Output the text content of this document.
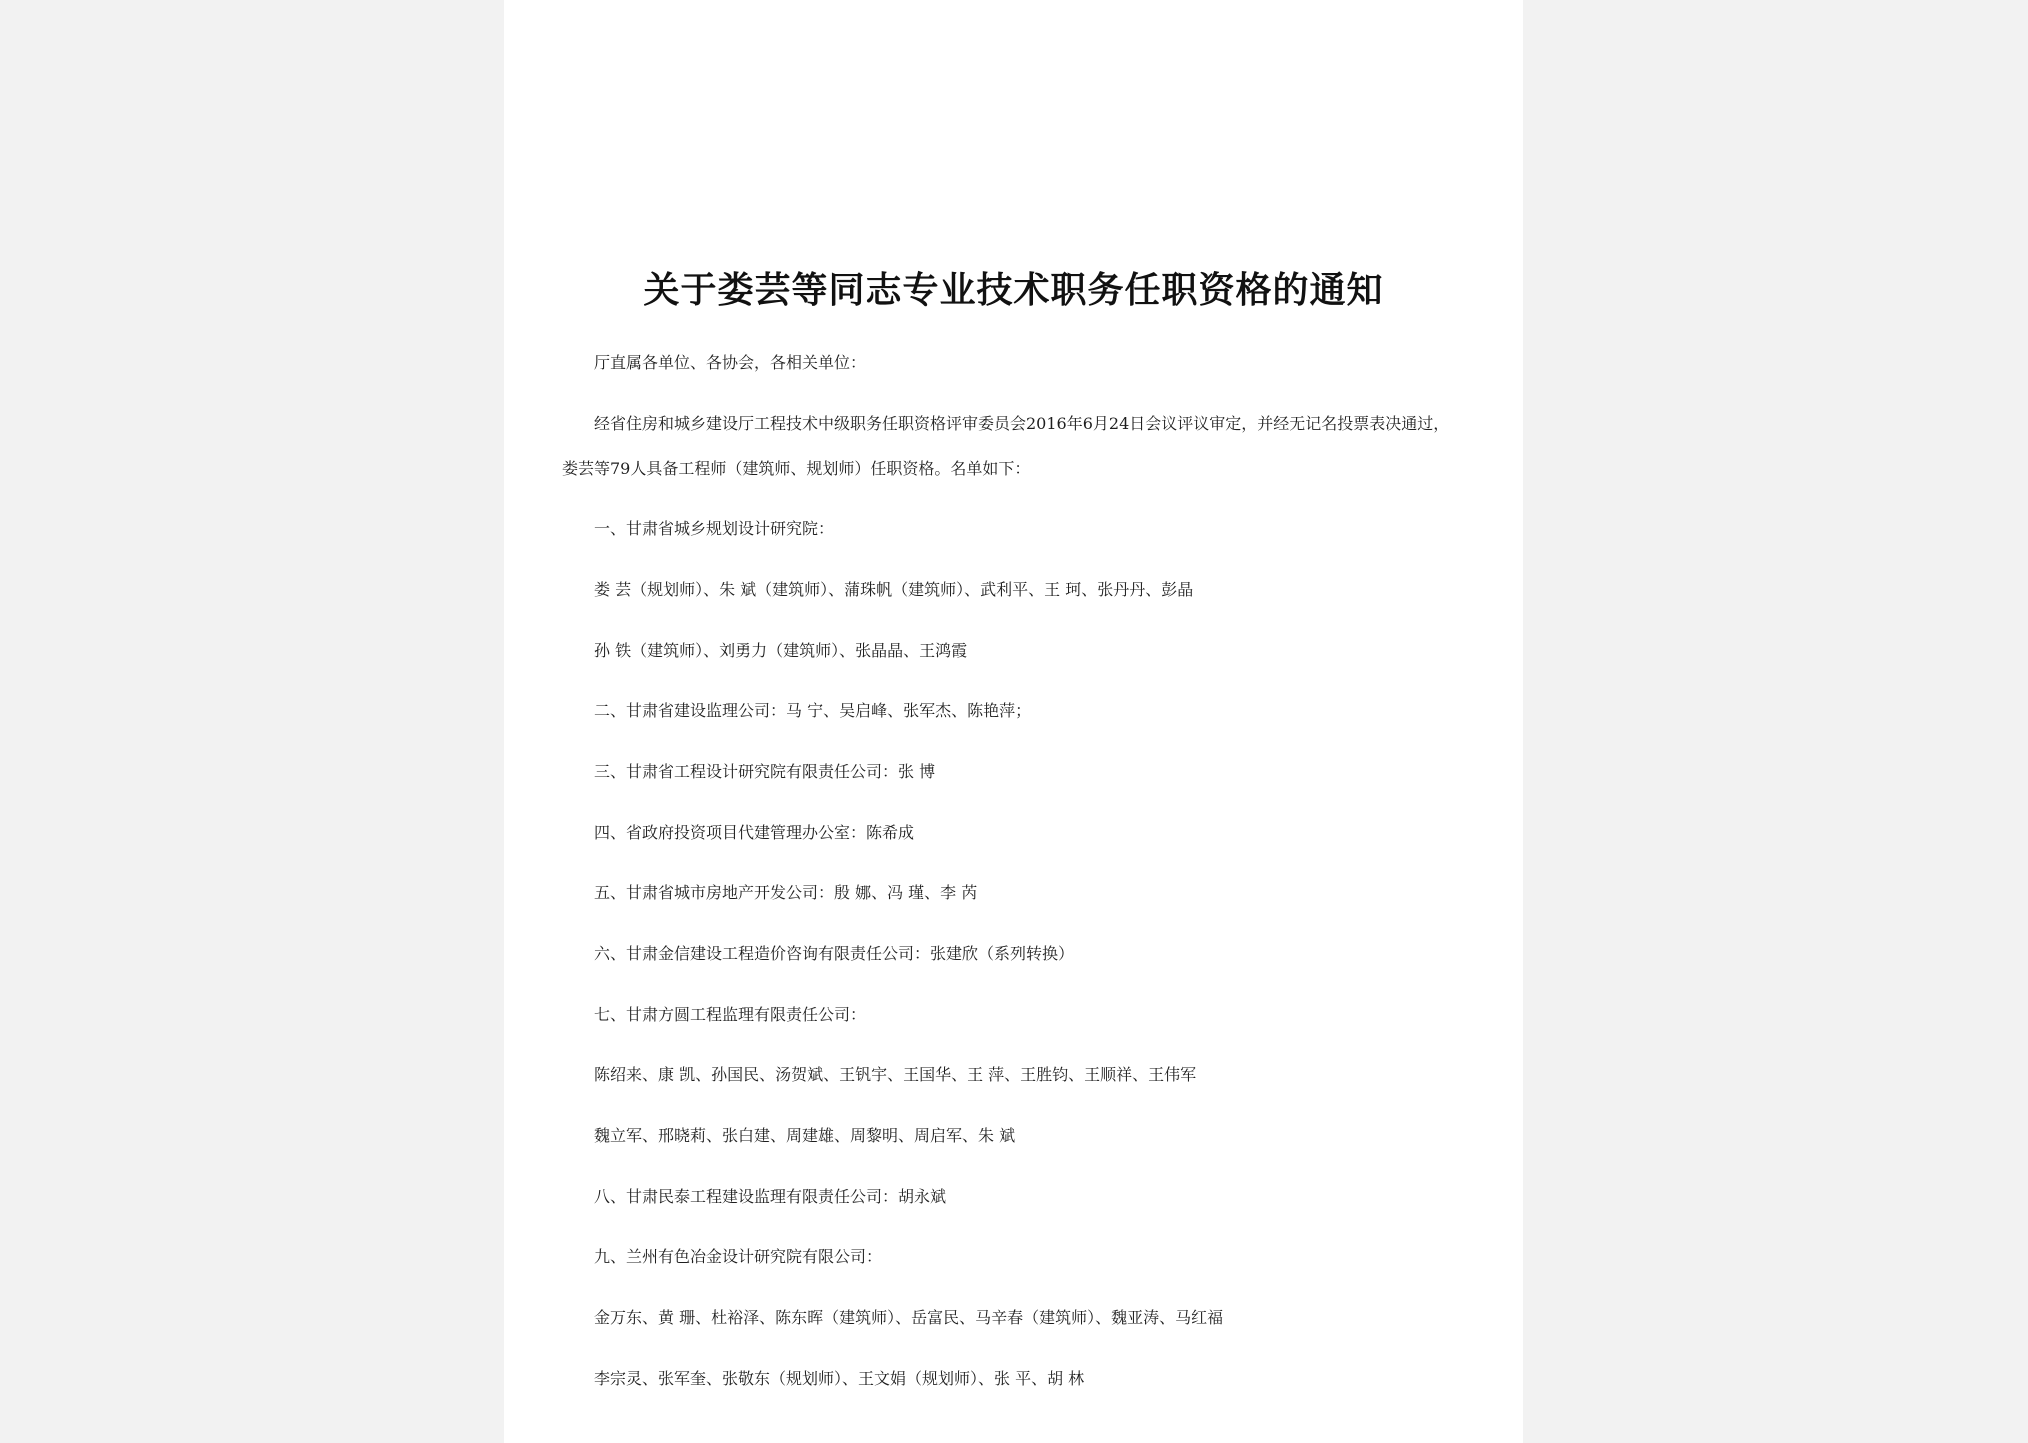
关于娄芸等同志专业技术职务任职资格的通知
厅直属各单位、各协会，各相关单位：
经省住房和城乡建设厅工程技术中级职务任职资格评审委员会2016年6月24日会议评议审定，并经无记名投票表决通过，
娄芸等79人具备工程师（建筑师、规划师）任职资格。名单如下：
一、甘肃省城乡规划设计研究院：
娄 芸（规划师）、朱 斌（建筑师）、蒲珠帆（建筑师）、武利平、王 珂、张丹丹、彭晶
孙 铁（建筑师）、刘勇力（建筑师）、张晶晶、王鸿霞
二、甘肃省建设监理公司：马 宁、吴启峰、张军杰、陈艳萍；
三、甘肃省工程设计研究院有限责任公司：张 博
四、省政府投资项目代建管理办公室：陈希成
五、甘肃省城市房地产开发公司：殷 娜、冯 瑾、李 芮
六、甘肃金信建设工程造价咨询有限责任公司：张建欣（系列转换）
七、甘肃方圆工程监理有限责任公司：
陈绍来、康 凯、孙国民、汤贺斌、王钒宇、王国华、王 萍、王胜钧、王顺祥、王伟军
魏立军、邢晓莉、张白建、周建雄、周黎明、周启军、朱 斌
八、甘肃民泰工程建设监理有限责任公司：胡永斌
九、兰州有色冶金设计研究院有限公司：
金万东、黄 珊、杜裕泽、陈东晖（建筑师）、岳富民、马辛春（建筑师）、魏亚涛、马红福
李宗灵、张军奎、张敬东（规划师）、王文娟（规划师）、张 平、胡 林
